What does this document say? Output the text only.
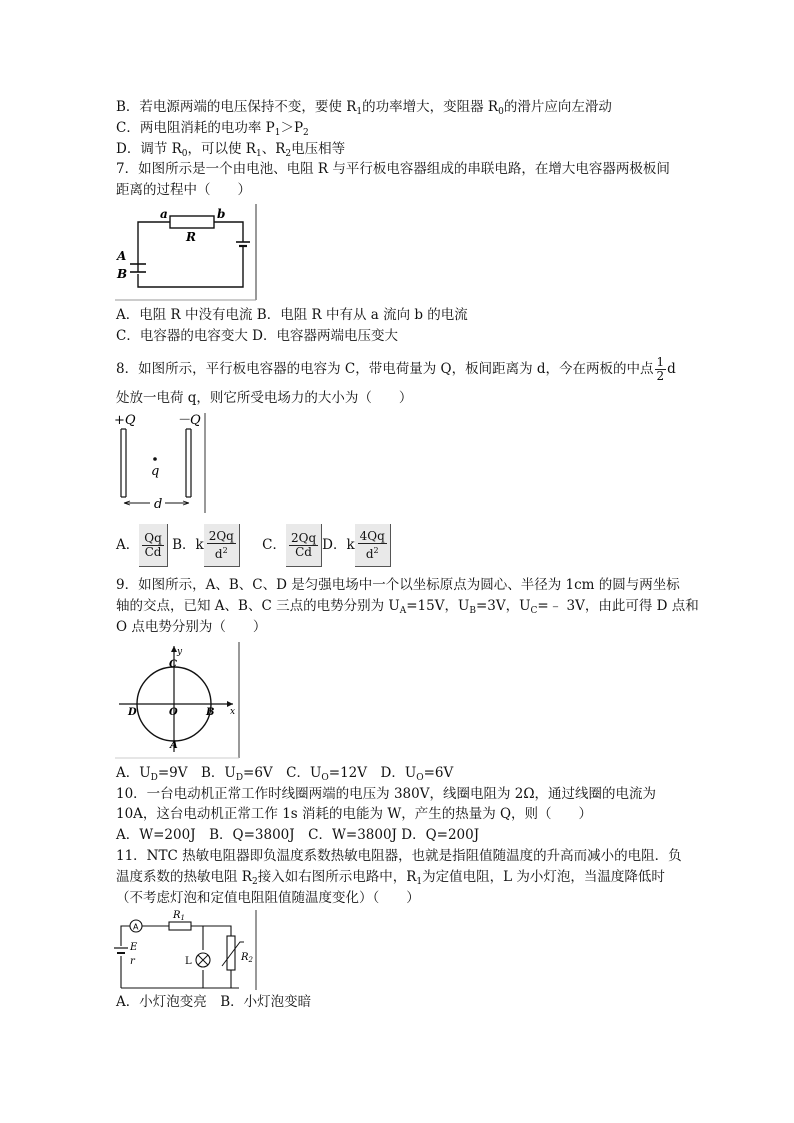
B．若电源两端的电压保持不变，要使 $R_1$的功率增大，变阻器 $R_0$的滑片应向左滑动
C．两电阻消耗的电功率 $P_1>P_2$
D．调节 $R_0$，可以使 $R_1$、$R_2$电压相等
7．如图所示是一个由电池、电阻 R 与平行板电容器组成的串联电路，在增大电容器两极板间
距离的过程中（　　）
a	b
R
A
B
A．电阻 R 中没有电流 B．电阻 R 中有从 a 流向 b 的电流
C．电容器的电容变大 D．电容器两端电压变大
8．如图所示，平行板电容器的电容为 C，带电荷量为 Q，板间距离为 d，今在两板的中点 $\frac{1}{2}$ d
处放一电荷 q，则它所受电场力的大小为（　　）
+Q	－Q
q
d
A． $\frac{Qq}{Cd}$ B．k $\frac{2Qq}{d^2}$ C． $\frac{2Qq}{Cd}$ D．k $\frac{4Qq}{d^2}$
9．如图所示，A、B、C、D 是匀强电场中一个以坐标原点为圆心、半径为 1cm 的圆与两坐标
轴的交点，已知 A、B、C 三点的电势分别为 $U_A=15V$，$U_B=3V$，$U_C=﹣$ 3V，由此可得 D 点和
O 点电势分别为（　　）
y
x
C
D	O	B
A
A．$U_D=9V$　B．$U_D=6V$　C．$U_O=12V$　D．$U_O=6V$
10．一台电动机正常工作时线圈两端的电压为 380V，线圈电阻为 2Ω，通过线圈的电流为
10A，这台电动机正常工作 1s 消耗的电能为 W，产生的热量为 Q，则（　　）
A．W=200J　B．Q=3800J　C．W=3800J D．Q=200J
11．NTC 热敏电阻器即负温度系数热敏电阻器，也就是指阻值随温度的升高而减小的电阻．负
温度系数的热敏电阻 $R_2$接入如右图所示电路中，$R_1$为定值电阻，L 为小灯泡，当温度降低时
（不考虑灯泡和定值电阻阻值随温度变化）（　　）
A
$R_1$
E
r	L	$R_2$
A．小灯泡变亮　B．小灯泡变暗
